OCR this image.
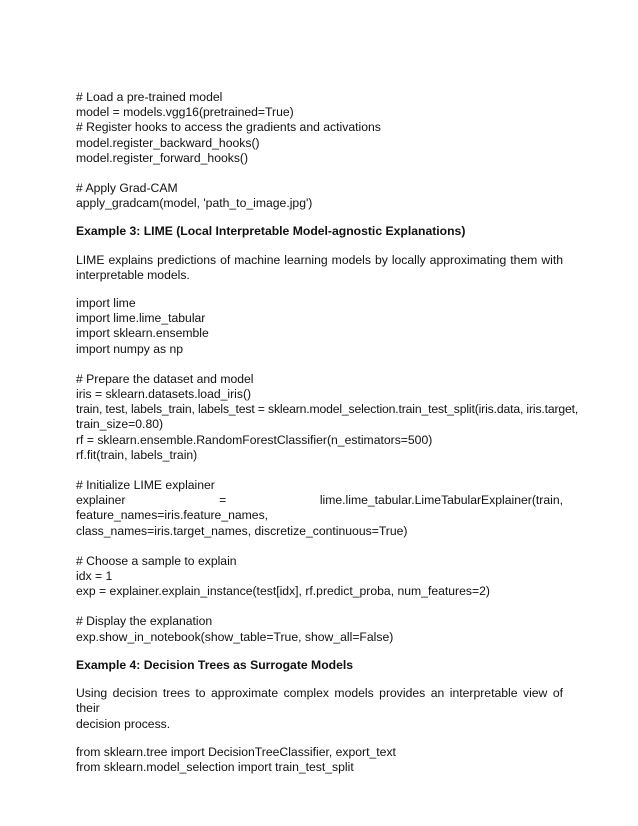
# Load a pre-trained model
model = models.vgg16(pretrained=True)
# Register hooks to access the gradients and activations
model.register_backward_hooks()
model.register_forward_hooks()
# Apply Grad-CAM
apply_gradcam(model, 'path_to_image.jpg')
Example 3: LIME (Local Interpretable Model-agnostic Explanations)
LIME explains predictions of machine learning models by locally approximating them with
interpretable models.
import lime
import lime.lime_tabular
import sklearn.ensemble
import numpy as np
# Prepare the dataset and model
iris = sklearn.datasets.load_iris()
train, test, labels_train, labels_test = sklearn.model_selection.train_test_split(iris.data, iris.target,
train_size=0.80)
rf = sklearn.ensemble.RandomForestClassifier(n_estimators=500)
rf.fit(train, labels_train)
# Initialize LIME explainer
explainer = lime.lime_tabular.LimeTabularExplainer(train, feature_names=iris.feature_names,
class_names=iris.target_names, discretize_continuous=True)
# Choose a sample to explain
idx = 1
exp = explainer.explain_instance(test[idx], rf.predict_proba, num_features=2)
# Display the explanation
exp.show_in_notebook(show_table=True, show_all=False)
Example 4: Decision Trees as Surrogate Models
Using decision trees to approximate complex models provides an interpretable view of their
decision process.
from sklearn.tree import DecisionTreeClassifier, export_text
from sklearn.model_selection import train_test_split
